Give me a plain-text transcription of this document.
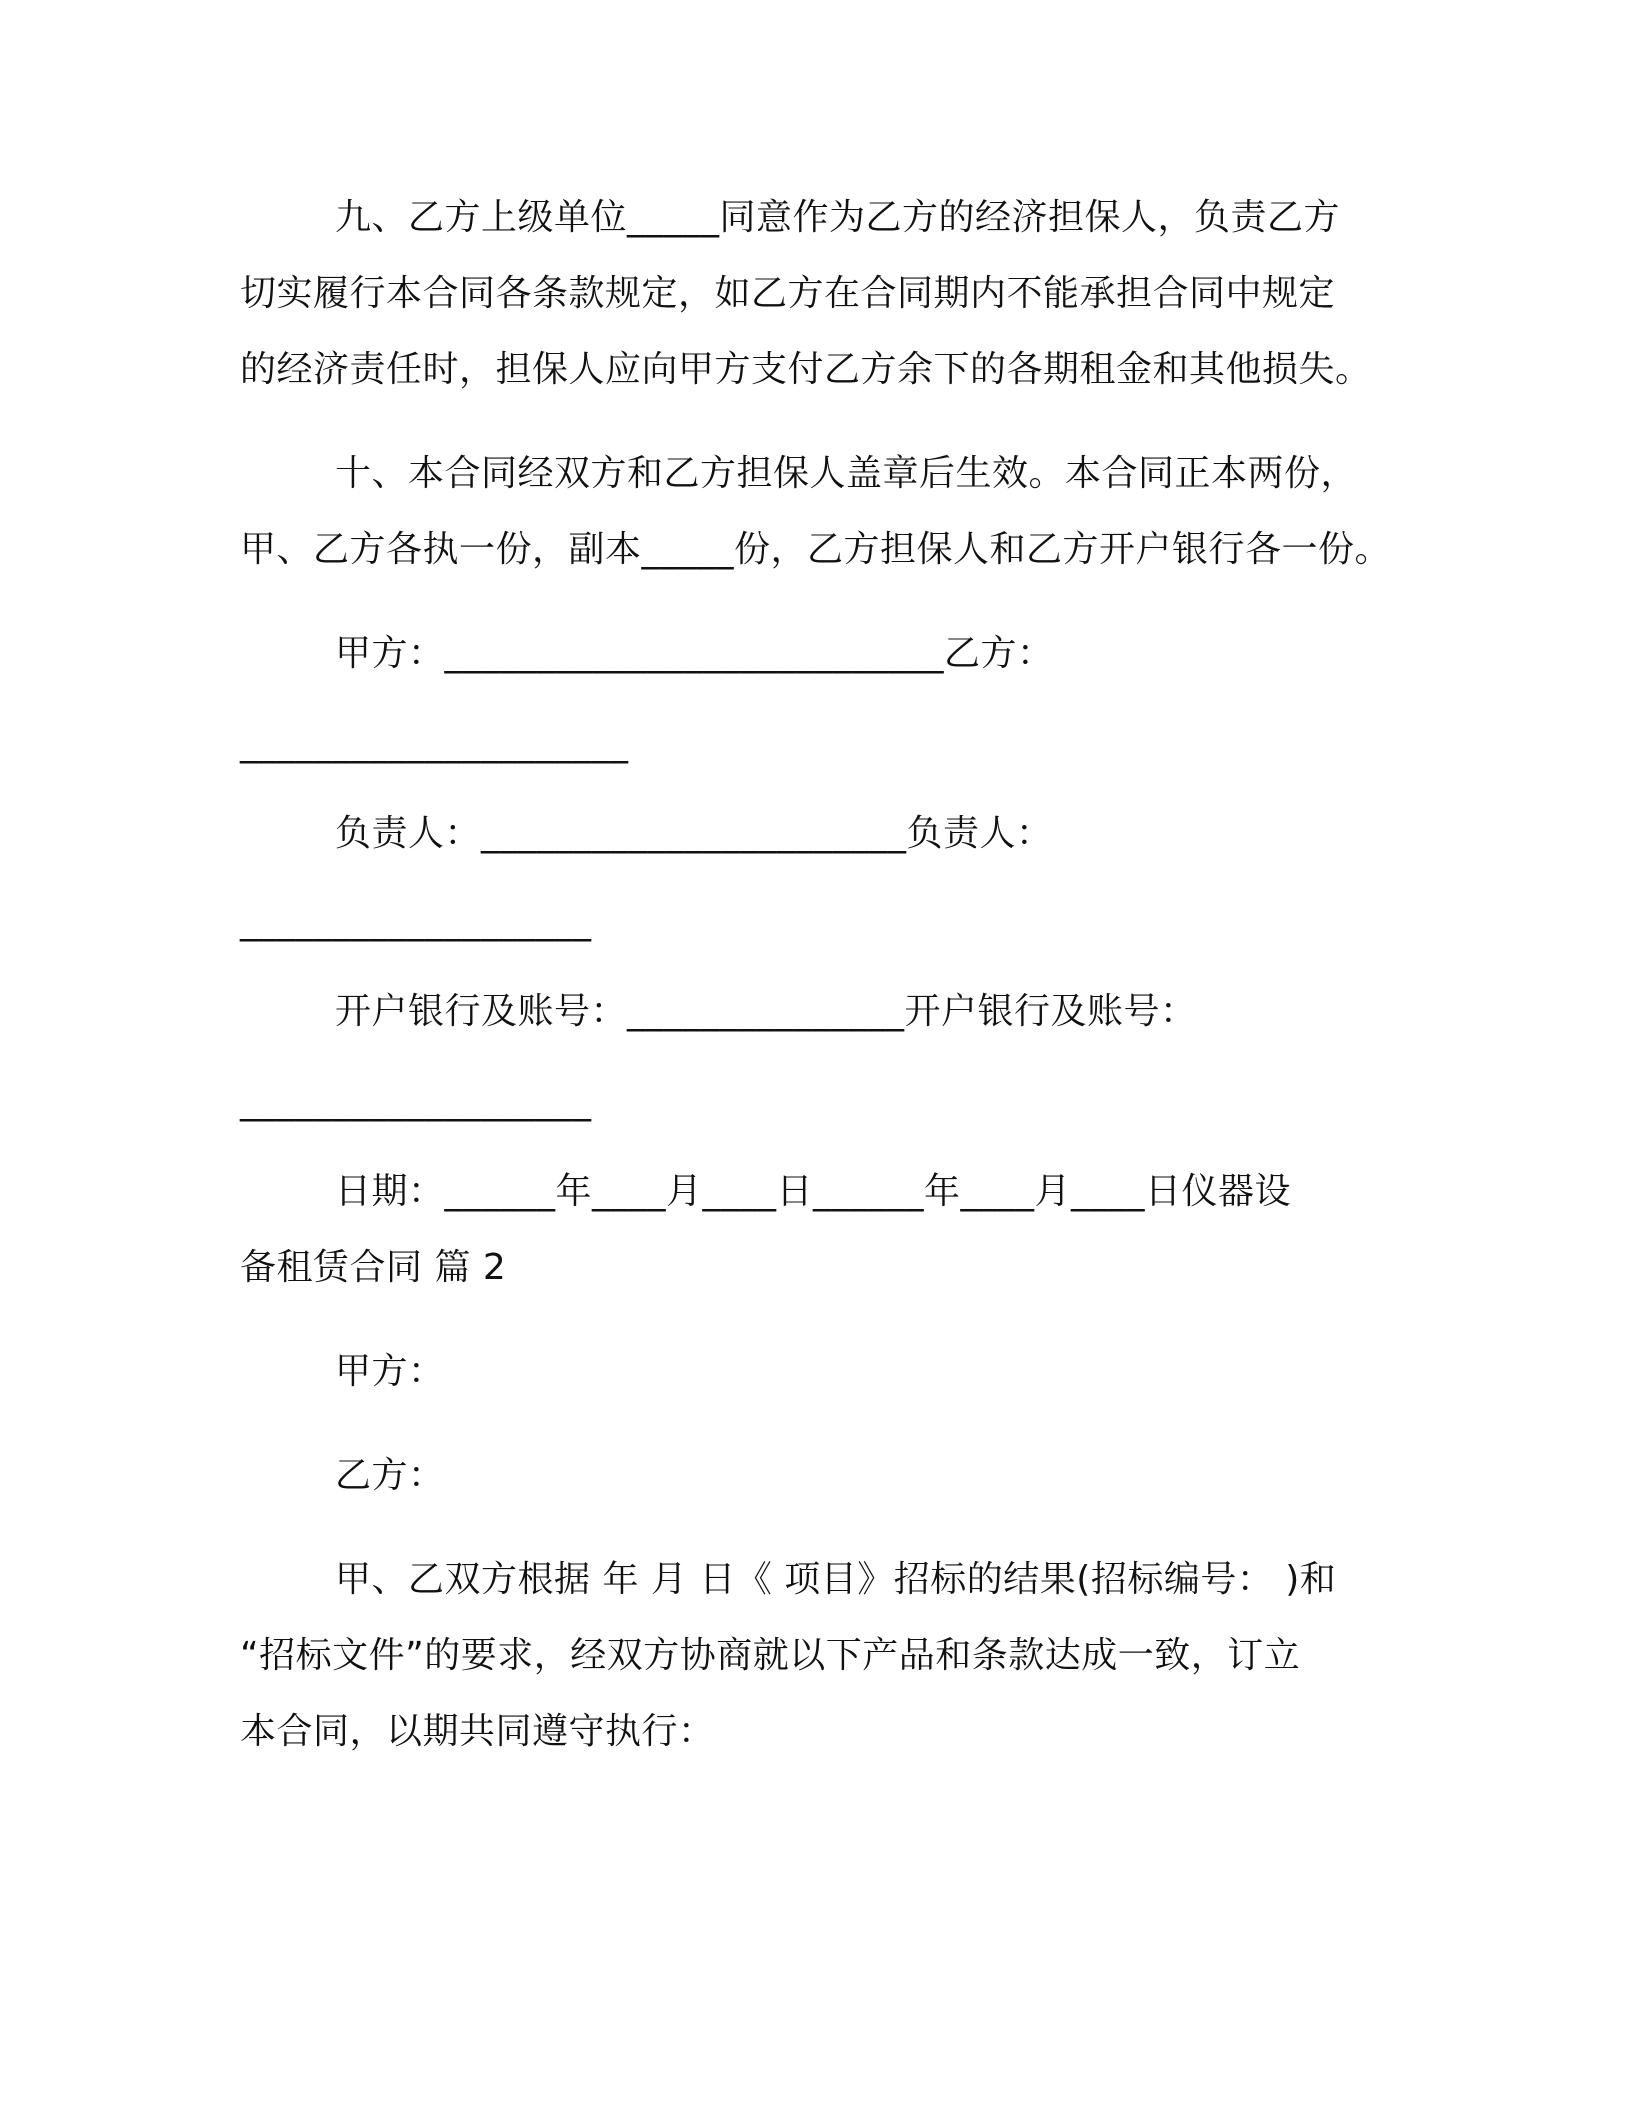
九、乙方上级单位_____同意作为乙方的经济担保人，负责乙方
切实履行本合同各条款规定，如乙方在合同期内不能承担合同中规定
的经济责任时，担保人应向甲方支付乙方余下的各期租金和其他损失。
十、本合同经双方和乙方担保人盖章后生效。本合同正本两份，
甲、乙方各执一份，副本_____份，乙方担保人和乙方开户银行各一份。
甲方：___________________________乙方：
_____________________
负责人：_______________________负责人：
___________________
开户银行及账号：_______________开户银行及账号：
___________________
日期：______年____月____日______年____月____日仪器设
备租赁合同 篇 2
甲方：
乙方：
甲、乙双方根据 年 月 日《 项目》招标的结果(招标编号： )和
“招标文件”的要求，经双方协商就以下产品和条款达成一致，订立
本合同，以期共同遵守执行：
